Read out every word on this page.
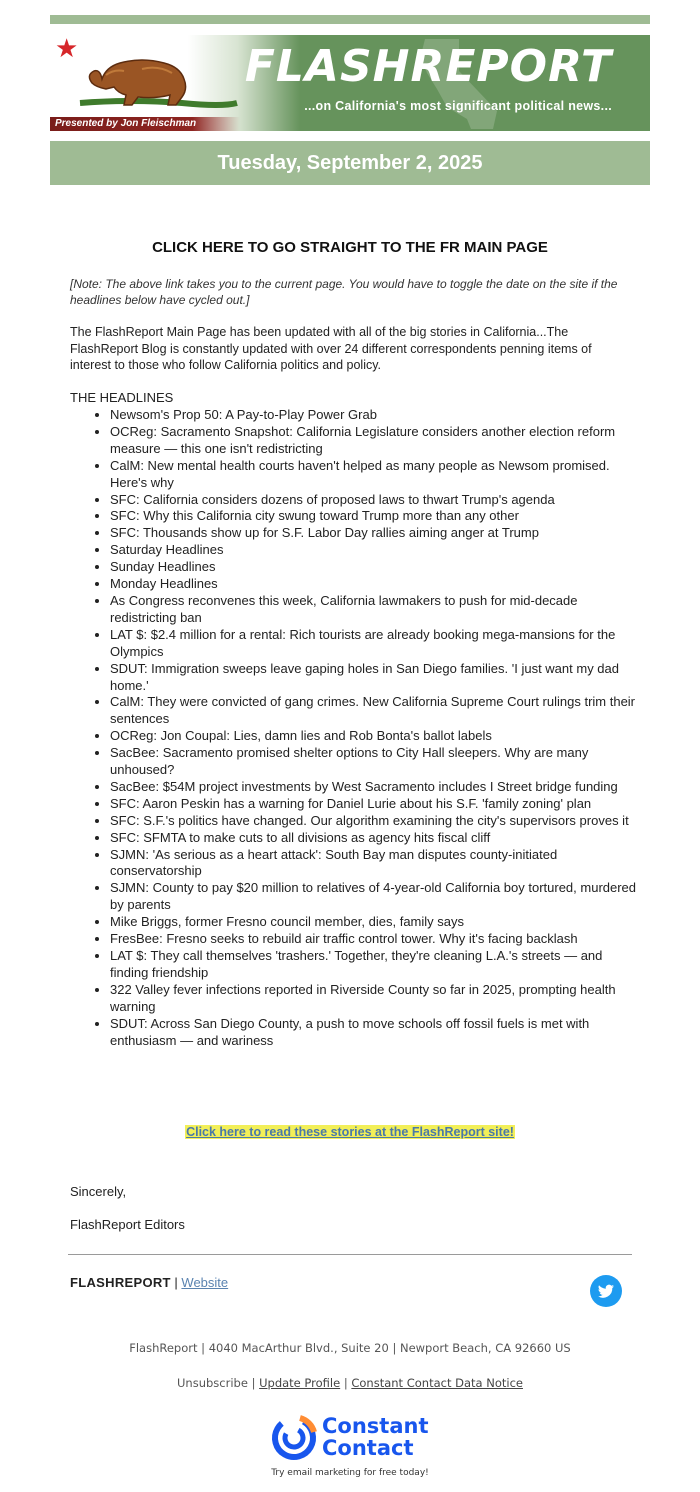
★
Presented by Jon Fleischman
FLASHREPORT
...on California's most significant political news...
Tuesday, September 2, 2025
CLICK HERE TO GO STRAIGHT TO THE FR MAIN PAGE
[Note: The above link takes you to the current page. You would have to toggle the date on the site if the headlines below have cycled out.]
The FlashReport Main Page has been updated with all of the big stories in California...The FlashReport Blog is constantly updated with over 24 different correspondents penning items of interest to those who follow California politics and policy.
THE HEADLINES
• Newsom's Prop 50: A Pay-to-Play Power Grab
• OCReg: Sacramento Snapshot: California Legislature considers another election reform measure — this one isn't redistricting
• CalM: New mental health courts haven't helped as many people as Newsom promised. Here's why
• SFC: California considers dozens of proposed laws to thwart Trump's agenda
• SFC: Why this California city swung toward Trump more than any other
• SFC: Thousands show up for S.F. Labor Day rallies aiming anger at Trump
• Saturday Headlines
• Sunday Headlines
• Monday Headlines
• As Congress reconvenes this week, California lawmakers to push for mid-decade redistricting ban
• LAT $: $2.4 million for a rental: Rich tourists are already booking mega-mansions for the Olympics
• SDUT: Immigration sweeps leave gaping holes in San Diego families. 'I just want my dad home.'
• CalM: They were convicted of gang crimes. New California Supreme Court rulings trim their sentences
• OCReg: Jon Coupal: Lies, damn lies and Rob Bonta's ballot labels
• SacBee: Sacramento promised shelter options to City Hall sleepers. Why are many unhoused?
• SacBee: $54M project investments by West Sacramento includes I Street bridge funding
• SFC: Aaron Peskin has a warning for Daniel Lurie about his S.F. 'family zoning' plan
• SFC: S.F.'s politics have changed. Our algorithm examining the city's supervisors proves it
• SFC: SFMTA to make cuts to all divisions as agency hits fiscal cliff
• SJMN: 'As serious as a heart attack': South Bay man disputes county-initiated conservatorship
• SJMN: County to pay $20 million to relatives of 4-year-old California boy tortured, murdered by parents
• Mike Briggs, former Fresno council member, dies, family says
• FresBee: Fresno seeks to rebuild air traffic control tower. Why it's facing backlash
• LAT $: They call themselves 'trashers.' Together, they're cleaning L.A.'s streets — and finding friendship
• 322 Valley fever infections reported in Riverside County so far in 2025, prompting health warning
• SDUT: Across San Diego County, a push to move schools off fossil fuels is met with enthusiasm — and wariness
Click here to read these stories at the FlashReport site!
Sincerely,
FlashReport Editors
FLASHREPORT | Website
FlashReport | 4040 MacArthur Blvd., Suite 20 | Newport Beach, CA 92660 US
Unsubscribe | Update Profile | Constant Contact Data Notice
Constant
Contact
Try email marketing for free today!
